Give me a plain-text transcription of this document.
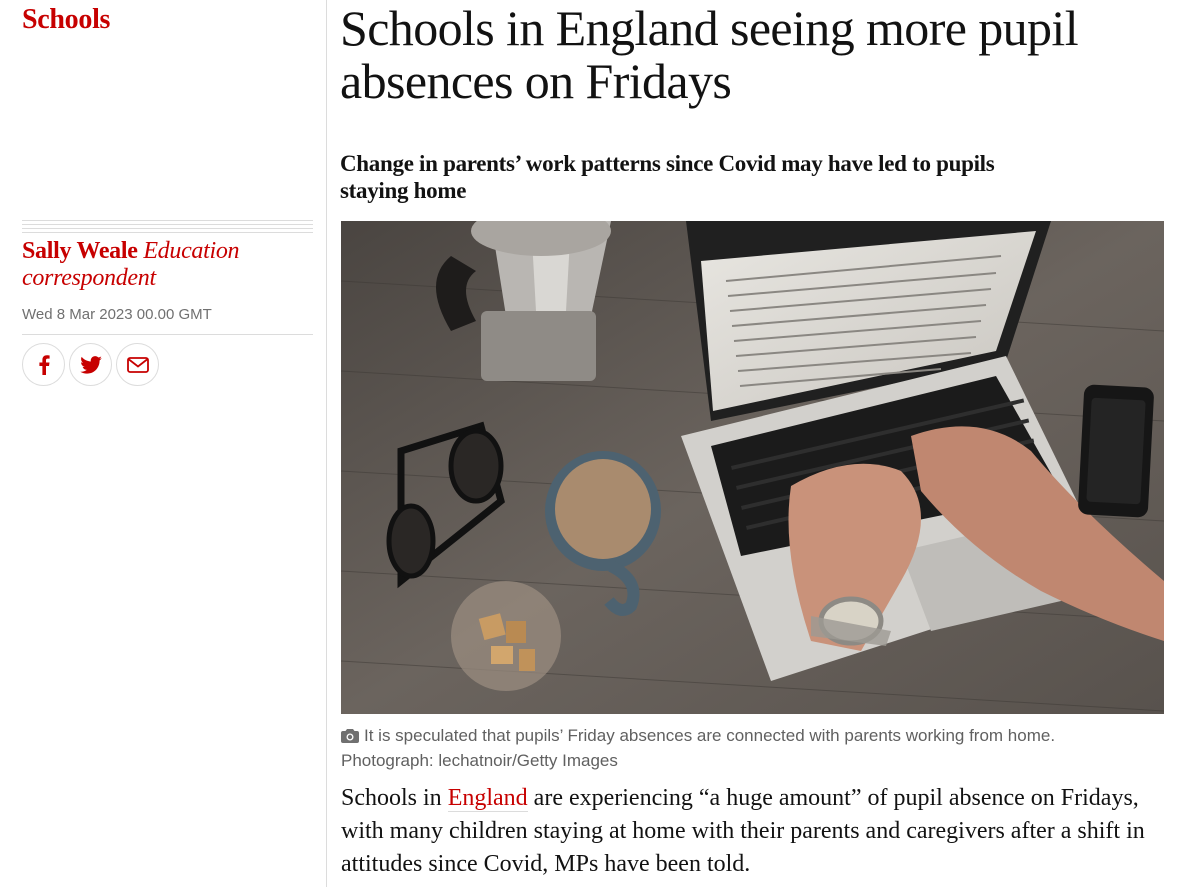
Schools
Sally Weale Education correspondent
Wed 8 Mar 2023 00.00 GMT
Schools in England seeing more pupil absences on Fridays
Change in parents’ work patterns since Covid may have led to pupils staying home
It is speculated that pupils’ Friday absences are connected with parents working from home.
Photograph: lechatnoir/Getty Images

Schools in England are experiencing “a huge amount” of pupil absence on Fridays, with many children staying at home with their parents and caregivers after a shift in attitudes since Covid, MPs have been told.
